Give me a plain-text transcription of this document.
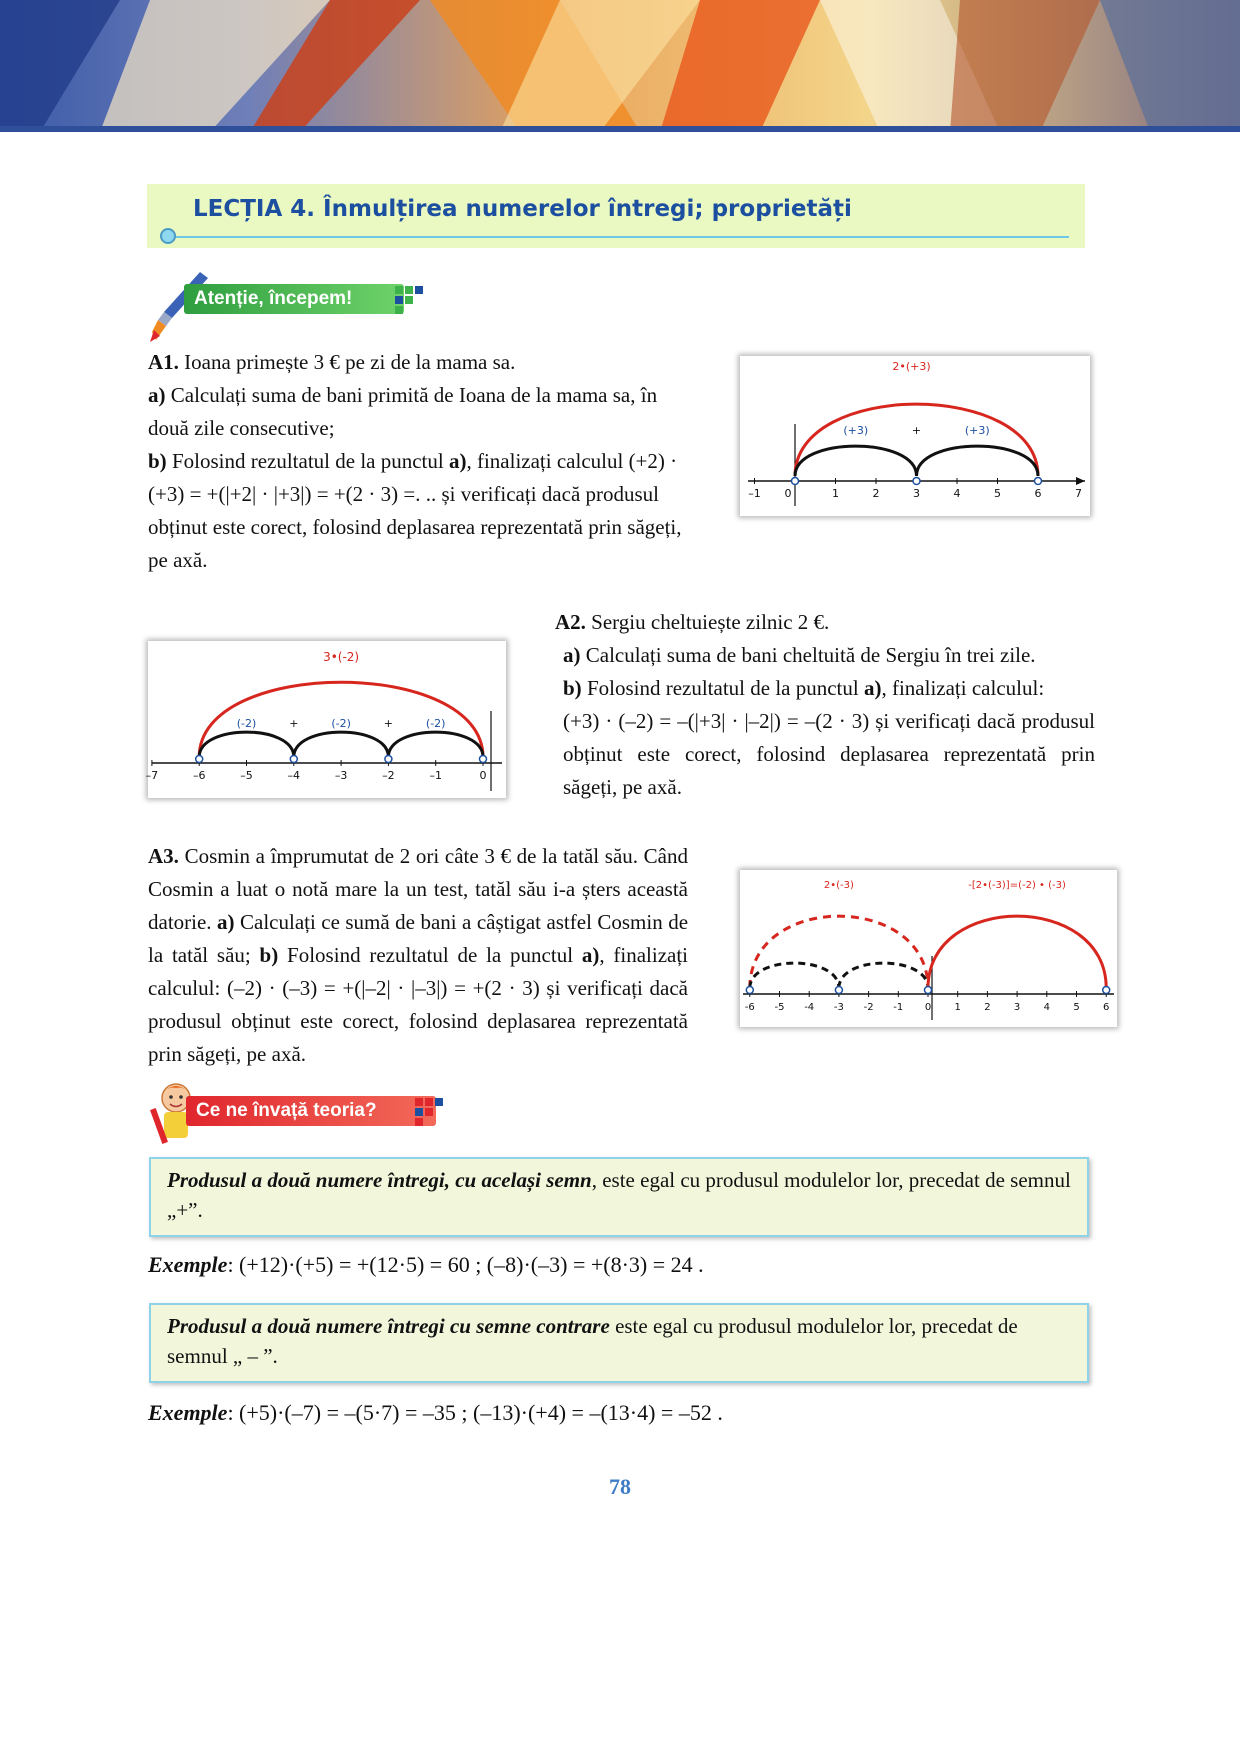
LECȚIA 4. Înmulțirea numerelor întregi; proprietăți
Atenție, începem!

A1. Ioana primește 3 € pe zi de la mama sa.

a) Calculați suma de bani primită de Ioana de la mama sa, în două zile consecutive;

b) Folosind rezultatul de la punctul a), finalizați calculul (+2) · (+3) = +(|+2| · |+3|) = +(2 · 3) =. .. și verificați dacă produsul obținut este corect, folosind deplasarea reprezentată prin săgeți, pe axă.

–1 0	1	2	3	4	5	6	7
2•(+3)
(+3)	+	(+3)
–7	–6	–5	–4	–3	–2	–1	0
3•(-2)
(-2)	+	(-2)	+	(-2)

A2. Sergiu cheltuiește zilnic 2 €.

a) Calculați suma de bani cheltuită de Sergiu în trei zile.

b) Folosind rezultatul de la punctul a), finalizați calculul:

(+3) · (–2) = –(|+3| · |–2|) = –(2 · 3) și verificați dacă produsul obținut este corect, folosind deplasarea reprezentată prin săgeți, pe axă.

A3. Cosmin a împrumutat de 2 ori câte 3 € de la tatăl său. Când Cosmin a luat o notă mare la un test, tatăl său i-a șters această datorie. a) Calculați ce sumă de bani a câștigat astfel Cosmin de la tatăl său; b) Folosind rezultatul de la punctul a), finalizați calculul: (–2) · (–3) = +(|–2| · |–3|) = +(2 · 3) și verificați dacă produsul obținut este corect, folosind deplasarea reprezentată prin săgeți, pe axă.

-6 -5 -4 -3 -2 -1 0 1 2 3 4 5 6
2•(-3)	-[2•(-3)]=(-2) • (-3)
Ce ne învață teoria?
Produsul a două numere întregi, cu același semn, este egal cu produsul modulelor lor, precedat de semnul „+”.
Exemple: (+12)·(+5) = +(12·5) = 60 ; (–8)·(–3) = +(8·3) = 24 .
Produsul a două numere întregi cu semne contrare este egal cu produsul modulelor lor, precedat de semnul „ – ”.
Exemple: (+5)·(–7) = –(5·7) = –35 ; (–13)·(+4) = –(13·4) = –52 .
78
